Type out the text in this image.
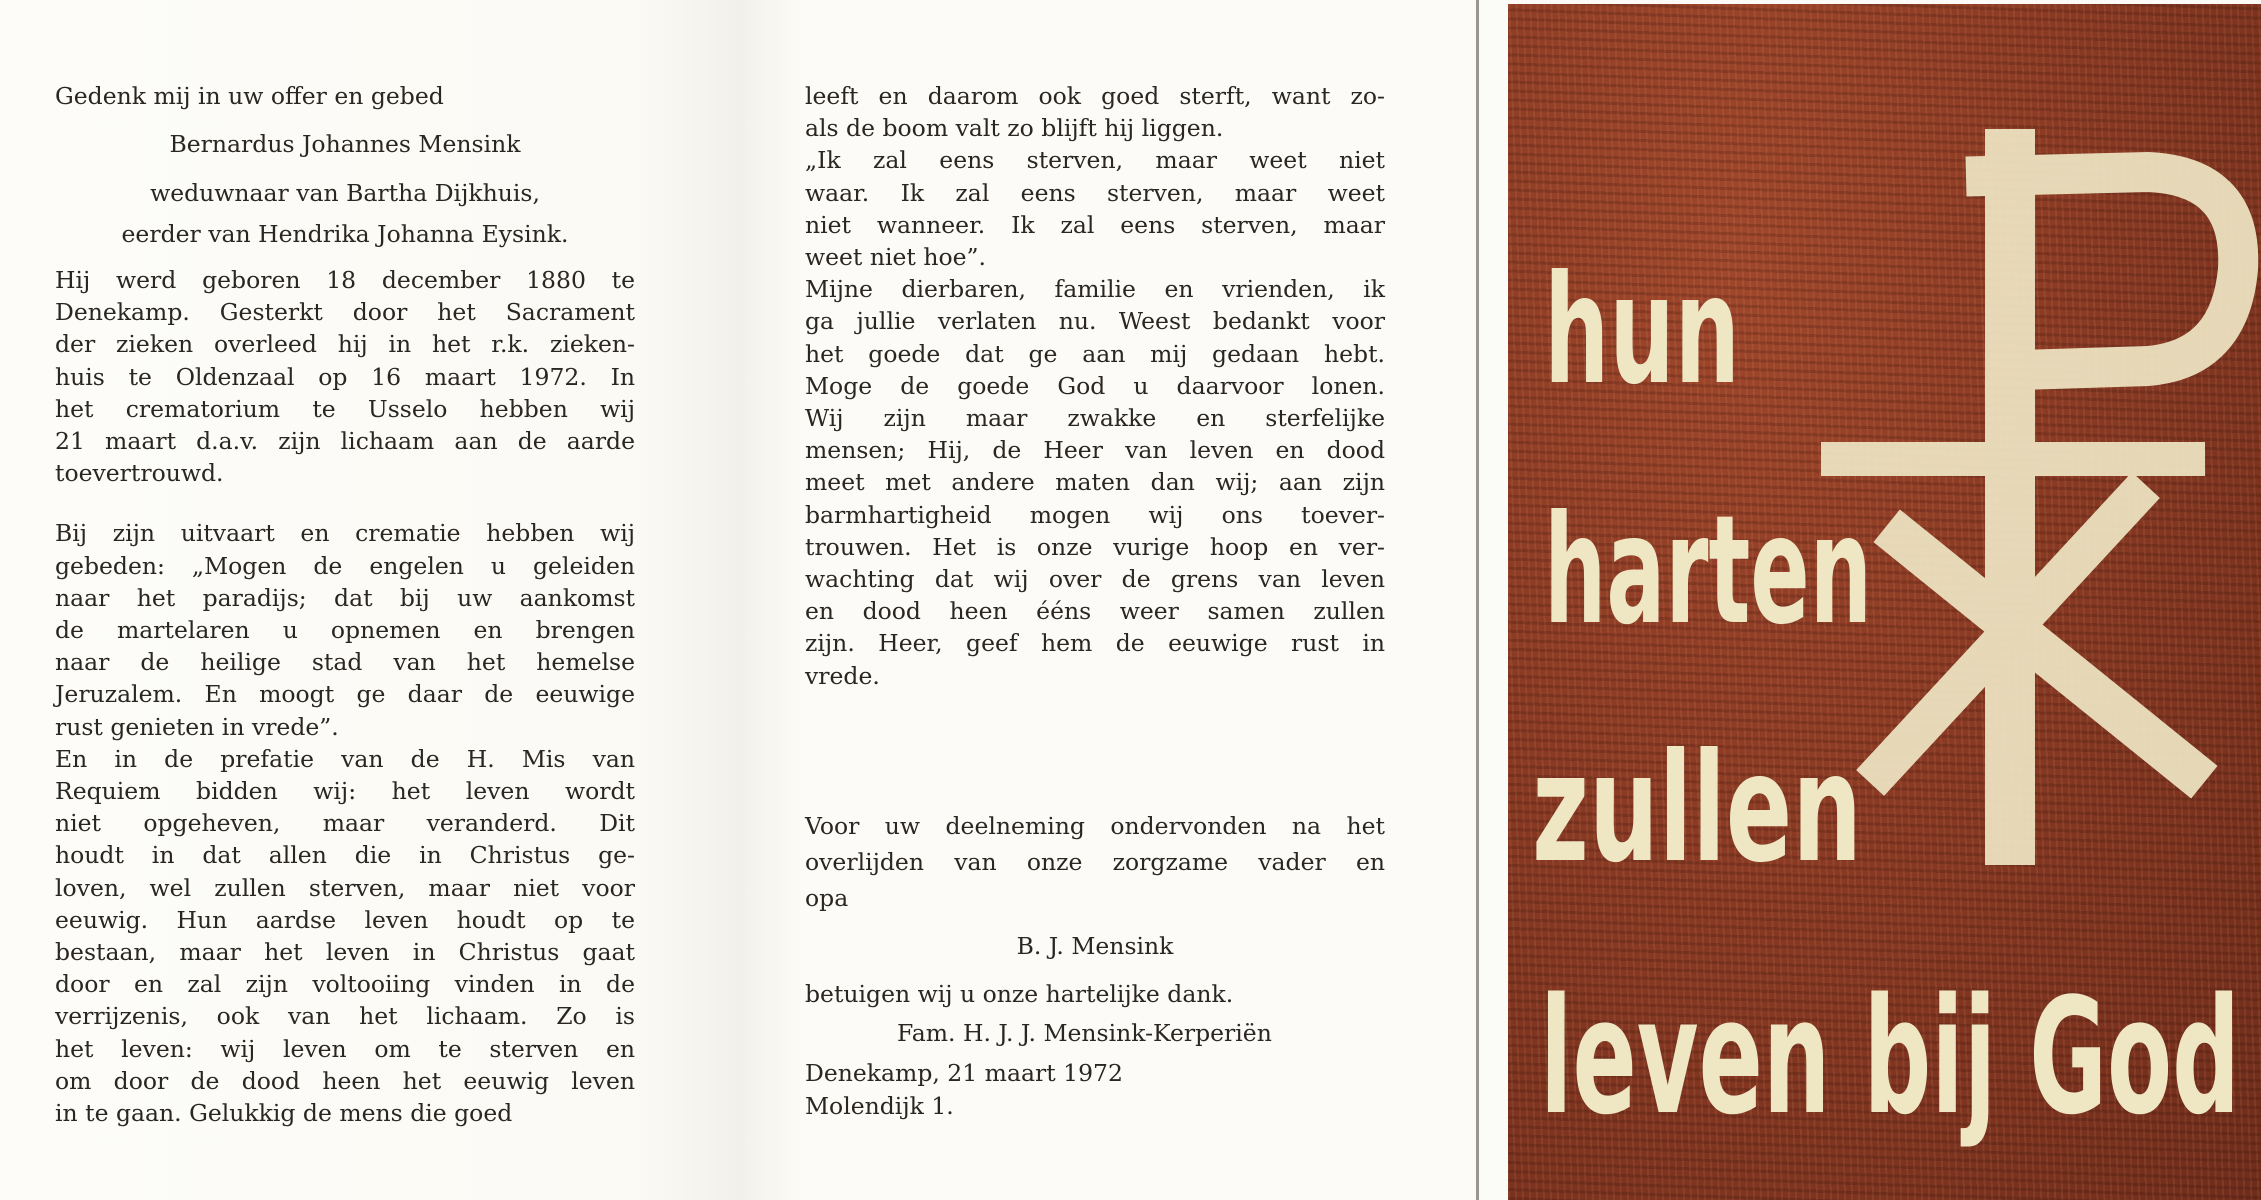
Gedenk mij in uw offer en gebed
Bernardus Johannes Mensink
weduwnaar van Bartha Dijkhuis,
eerder van Hendrika Johanna Eysink.
Hij werd geboren 18 december 1880 te
Denekamp. Gesterkt door het Sacrament
der zieken overleed hij in het r.k. zieken-
huis te Oldenzaal op 16 maart 1972. In
het crematorium te Usselo hebben wij
21 maart d.a.v. zijn lichaam aan de aarde
toevertrouwd.
Bij zijn uitvaart en crematie hebben wij
gebeden: „Mogen de engelen u geleiden
naar het paradijs; dat bij uw aankomst
de martelaren u opnemen en brengen
naar de heilige stad van het hemelse
Jeruzalem. En moogt ge daar de eeuwige
rust genieten in vrede”.
En in de prefatie van de H. Mis van
Requiem bidden wij: het leven wordt
niet opgeheven, maar veranderd. Dit
houdt in dat allen die in Christus ge-
loven, wel zullen sterven, maar niet voor
eeuwig. Hun aardse leven houdt op te
bestaan, maar het leven in Christus gaat
door en zal zijn voltooiing vinden in de
verrijzenis, ook van het lichaam. Zo is
het leven: wij leven om te sterven en
om door de dood heen het eeuwig leven
in te gaan. Gelukkig de mens die goed
leeft en daarom ook goed sterft, want zo-
als de boom valt zo blijft hij liggen.
„Ik zal eens sterven, maar weet niet
waar. Ik zal eens sterven, maar weet
niet wanneer. Ik zal eens sterven, maar
weet niet hoe”.
Mijne dierbaren, familie en vrienden, ik
ga jullie verlaten nu. Weest bedankt voor
het goede dat ge aan mij gedaan hebt.
Moge de goede God u daarvoor lonen.
Wij zijn maar zwakke en sterfelijke
mensen; Hij, de Heer van leven en dood
meet met andere maten dan wij; aan zijn
barmhartigheid mogen wij ons toever-
trouwen. Het is onze vurige hoop en ver-
wachting dat wij over de grens van leven
en dood heen ééns weer samen zullen
zijn. Heer, geef hem de eeuwige rust in
vrede.
Voor uw deelneming ondervonden na het
overlijden van onze zorgzame vader en
opa
B. J. Mensink
betuigen wij u onze hartelijke dank.
Fam. H. J. J. Mensink-Kerperiën
Denekamp, 21 maart 1972
Molendijk 1.
hun
harten
zullen
leven bij God
